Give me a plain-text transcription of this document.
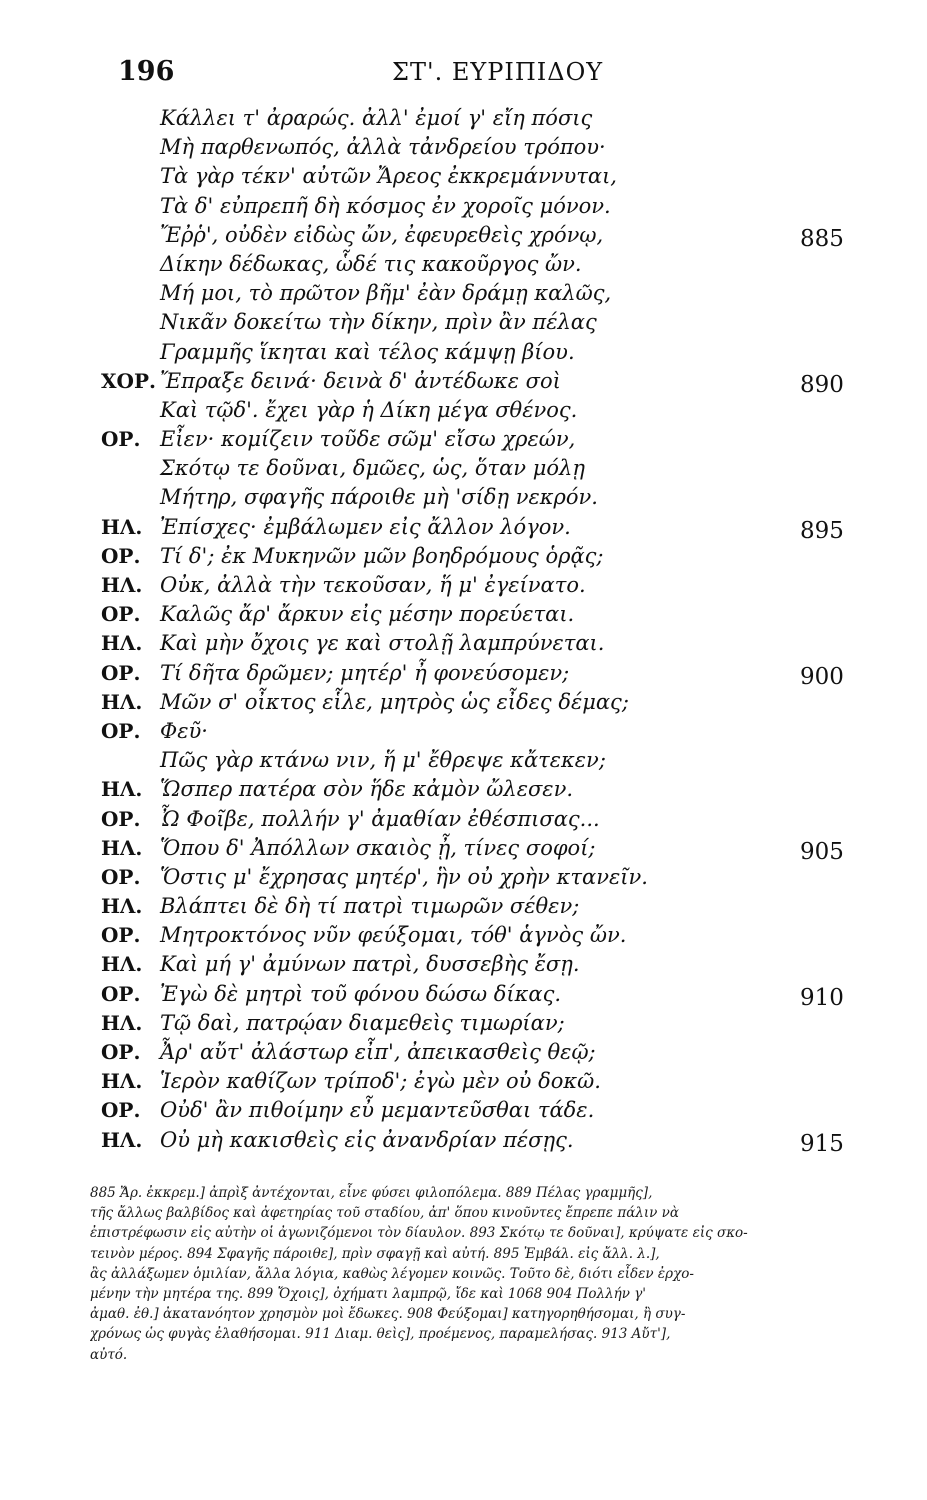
196	ΣΤ'. ΕΥΡΙΠΙΔΟΥ
Κάλλει τ' ἀραρώς. ἀλλ' ἐμοί γ' εἴη πόσις
Μὴ παρθενωπός, ἀλλὰ τἀνδρείου τρόπου·
Τὰ γὰρ τέκν' αὐτῶν Ἄρεος ἐκκρεμάννυται,
Τὰ δ' εὐπρεπῆ δὴ κόσμος ἐν χοροῖς μόνον.
Ἔῤῥ', οὐδὲν εἰδὼς ὤν, ἐφευρεθεὶς χρόνῳ,	885
Δίκην δέδωκας, ὧδέ τις κακοῦργος ὤν.
Μή μοι, τὸ πρῶτον βῆμ' ἐὰν δράμῃ καλῶς,
Νικᾶν δοκείτω τὴν δίκην, πρὶν ἂν πέλας
Γραμμῆς ἵκηται καὶ τέλος κάμψῃ βίου.
ΧΟΡ. Ἔπραξε δεινά· δεινὰ δ' ἀντέδωκε σοὶ	890
Καὶ τῷδ'. ἔχει γὰρ ἡ Δίκη μέγα σθένος.
ΟΡ. Εἶεν· κομίζειν τοῦδε σῶμ' εἴσω χρεών,
Σκότῳ τε δοῦναι, δμῶες, ὡς, ὅταν μόλῃ
Μήτηρ, σφαγῆς πάροιθε μὴ 'σίδῃ νεκρόν.
ΗΛ. Ἐπίσχες· ἐμβάλωμεν εἰς ἄλλον λόγον.	895
ΟΡ. Τί δ'; ἐκ Μυκηνῶν μῶν βοηδρόμους ὁρᾷς;
ΗΛ. Οὐκ, ἀλλὰ τὴν τεκοῦσαν, ἥ μ' ἐγείνατο.
ΟΡ. Καλῶς ἄρ' ἄρκυν εἰς μέσην πορεύεται.
ΗΛ. Καὶ μὴν ὄχοις γε καὶ στολῇ λαμπρύνεται.
ΟΡ. Τί δῆτα δρῶμεν; μητέρ' ἦ φονεύσομεν;	900
ΗΛ. Μῶν σ' οἶκτος εἷλε, μητρὸς ὡς εἶδες δέμας;
ΟΡ. Φεῦ·
Πῶς γὰρ κτάνω νιν, ἥ μ' ἔθρεψε κἄτεκεν;
ΗΛ. Ὥσπερ πατέρα σὸν ἥδε κἀμὸν ὤλεσεν.
ΟΡ. Ὦ Φοῖβε, πολλήν γ' ἀμαθίαν ἐθέσπισας...
ΗΛ. Ὅπου δ' Ἀπόλλων σκαιὸς ᾖ, τίνες σοφοί;	905
ΟΡ. Ὅστις μ' ἔχρησας μητέρ', ἣν οὐ χρὴν κτανεῖν.
ΗΛ. Βλάπτει δὲ δὴ τί πατρὶ τιμωρῶν σέθεν;
ΟΡ. Μητροκτόνος νῦν φεύξομαι, τόθ' ἁγνὸς ὤν.
ΗΛ. Καὶ μή γ' ἀμύνων πατρὶ, δυσσεβὴς ἔσῃ.
ΟΡ. Ἐγὼ δὲ μητρὶ τοῦ φόνου δώσω δίκας.	910
ΗΛ. Τῷ δαὶ, πατρῴαν διαμεθεὶς τιμωρίαν;
ΟΡ. Ἆρ' αὔτ' ἀλάστωρ εἶπ', ἀπεικασθεὶς θεῷ;
ΗΛ. Ἱερὸν καθίζων τρίποδ'; ἐγὼ μὲν οὐ δοκῶ.
ΟΡ. Οὐδ' ἂν πιθοίμην εὖ μεμαντεῦσθαι τάδε.
ΗΛ. Οὐ μὴ κακισθεὶς εἰς ἀνανδρίαν πέσῃς.	915
885 Ἄρ. ἐκκρεμ.] ἀπρὶξ ἀντέχονται, εἶνε φύσει φιλοπόλεμα. 889 Πέλας γραμμῆς],
τῆς ἄλλως βαλβίδος καὶ ἀφετηρίας τοῦ σταδίου, ἀπ' ὅπου κινοῦντες ἔπρεπε πάλιν νὰ
ἐπιστρέφωσιν εἰς αὐτὴν οἱ ἀγωνιζόμενοι τὸν δίαυλον. 893 Σκότῳ τε δοῦναι], κρύψατε εἰς σκο-
τεινὸν μέρος. 894 Σφαγῆς πάροιθε], πρὶν σφαγῇ καὶ αὐτή. 895 Ἐμβάλ. εἰς ἄλλ. λ.],
ἂς ἀλλάξωμεν ὁμιλίαν, ἄλλα λόγια, καθὼς λέγομεν κοινῶς. Τοῦτο δὲ, διότι εἶδεν ἐρχο-
μένην τὴν μητέρα της. 899 Ὄχοις], ὀχήματι λαμπρῷ, ἴδε καὶ 1068 904 Πολλήν γ'
ἀμαθ. ἐθ.] ἀκατανόητον χρησμὸν μοὶ ἔδωκες. 908 Φεύξομαι] κατηγορηθήσομαι, ἢ συγ-
χρόνως ὡς φυγὰς ἐλαθήσομαι. 911 Διαμ. θεὶς], προέμενος, παραμελήσας. 913 Αὔτ'],
αὐτό.
